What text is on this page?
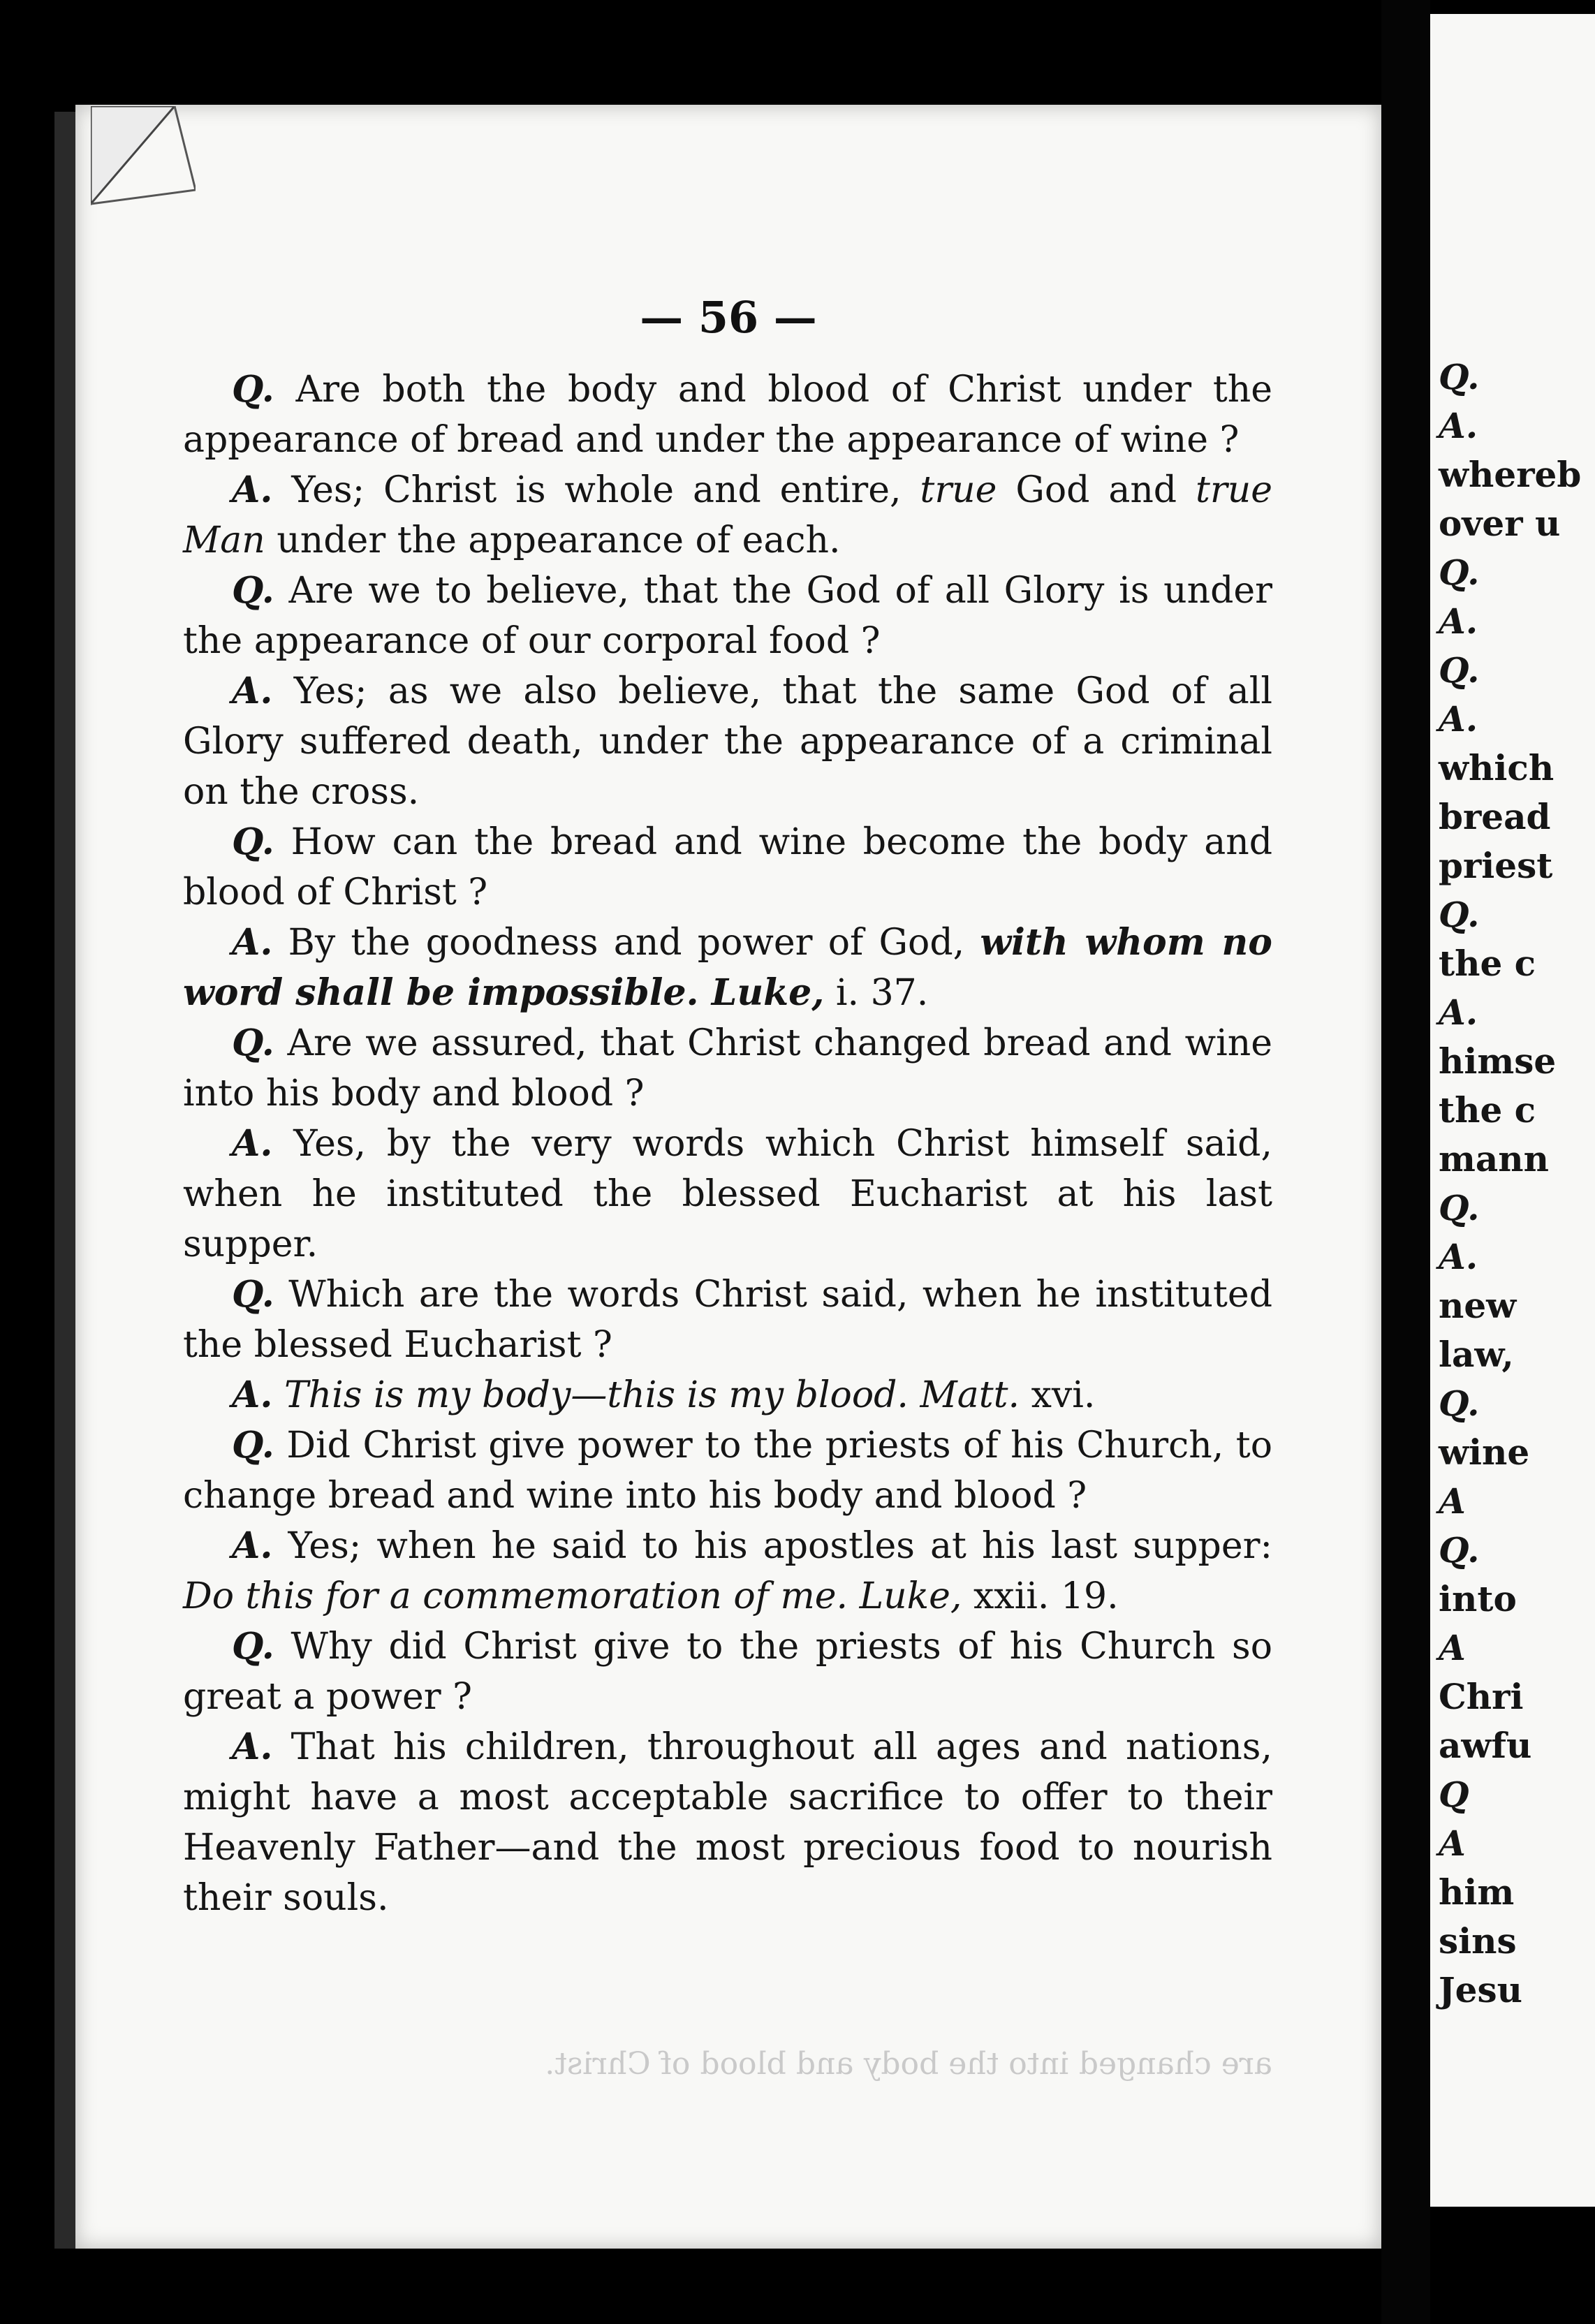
— 56 —

Q. Are both the body and blood of Christ under the appearance of bread and under the appearance of wine ?

A. Yes; Christ is whole and entire, true God and true Man under the appearance of each.

Q. Are we to believe, that the God of all Glory is under the appearance of our corporal food ?

A. Yes; as we also believe, that the same God of all Glory suffered death, under the appearance of a criminal on the cross.

Q. How can the bread and wine become the body and blood of Christ ?

A. By the goodness and power of God, with whom no word shall be impossible. Luke, i. 37.

Q. Are we assured, that Christ changed bread and wine into his body and blood ?

A. Yes, by the very words which Christ himself said, when he instituted the blessed Eucharist at his last supper.

Q. Which are the words Christ said, when he instituted the blessed Eucharist ?

A. This is my body—this is my blood. Matt. xvi.

Q. Did Christ give power to the priests of his Church, to change bread and wine into his body and blood ?

A. Yes; when he said to his apostles at his last supper: Do this for a commemoration of me. Luke, xxii. 19.

Q. Why did Christ give to the priests of his Church so great a power ?

A. That his children, throughout all ages and nations, might have a most acceptable sacrifice to offer to their Heavenly Father—and the most precious food to nourish their souls.

are changed into the body and blood of Christ.
Q.
A.
whereb
over u
Q.
A.
Q.
A.
which
bread
priest
Q.
the c
A.
himse
the c
mann
Q.
A.
new
law,
Q.
wine
A
Q.
into
A
Chri
awfu
Q
A
him
sins
Jesu
